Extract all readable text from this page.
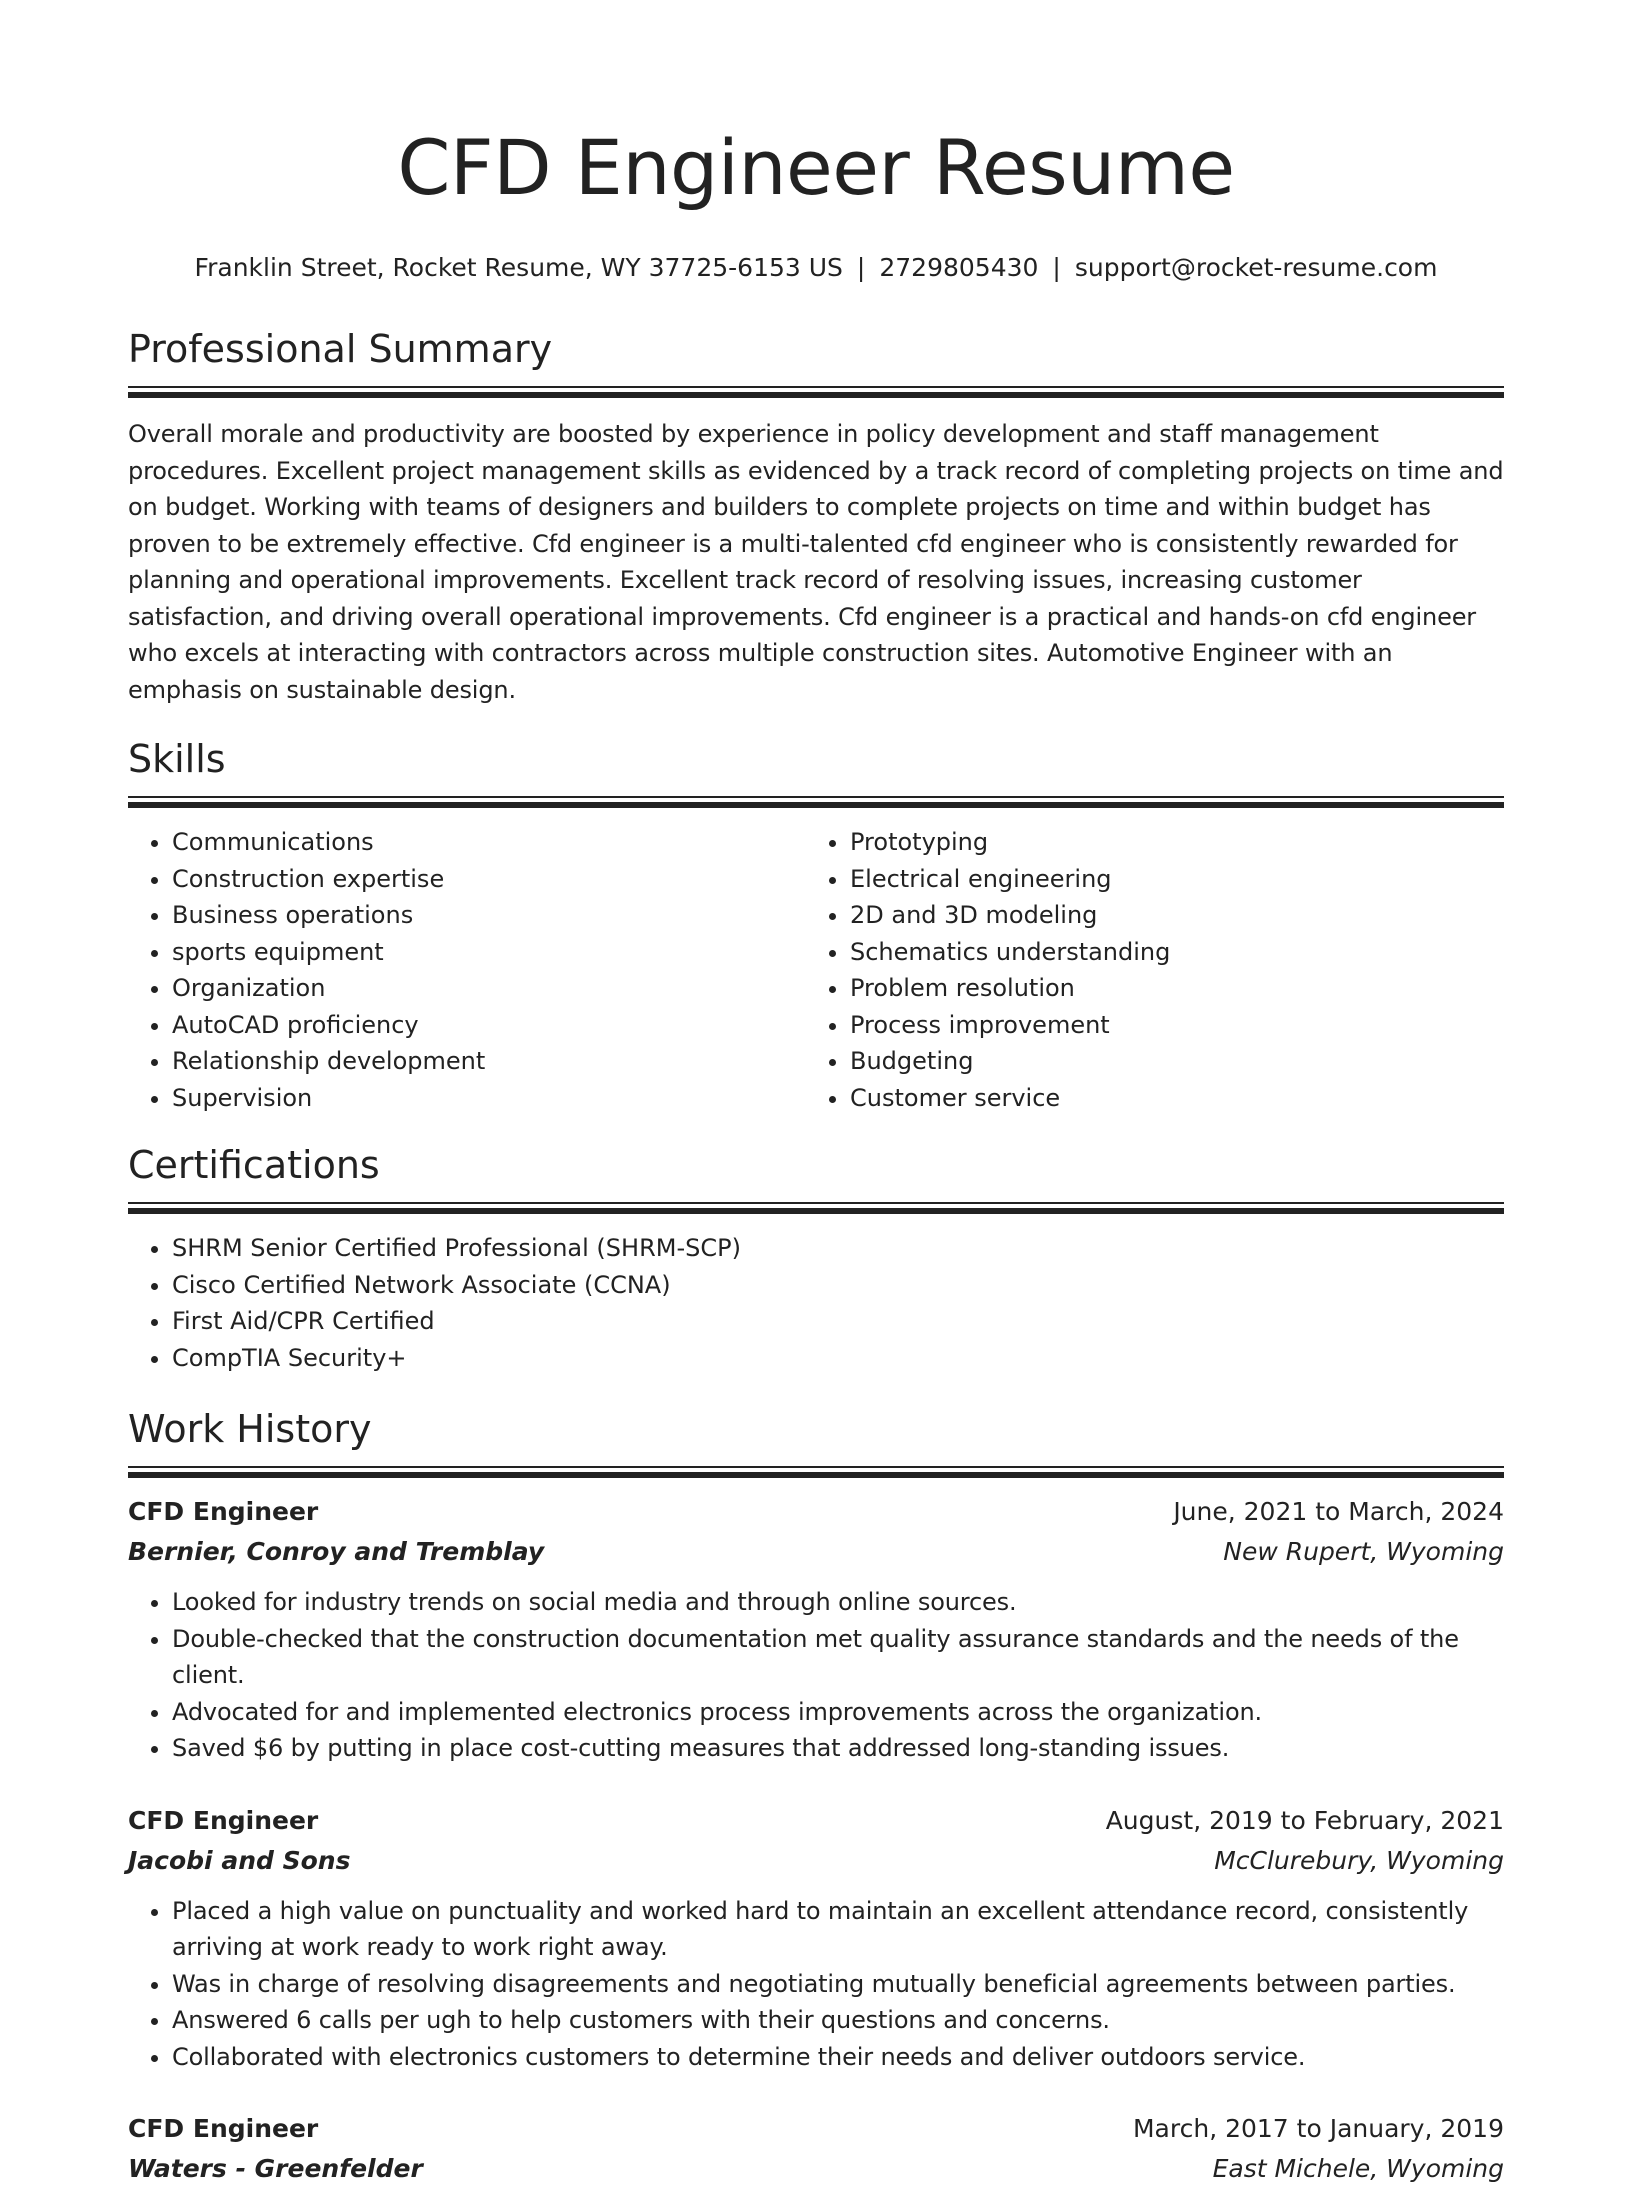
CFD Engineer Resume
Franklin Street, Rocket Resume, WY 37725-6153 US | 2729805430 | support@rocket-resume.com
Professional Summary

Overall morale and productivity are boosted by experience in policy development and staff management procedures. Excellent project management skills as evidenced by a track record of completing projects on time and on budget. Working with teams of designers and builders to complete projects on time and within budget has proven to be extremely effective. Cfd engineer is a multi-talented cfd engineer who is consistently rewarded for planning and operational improvements. Excellent track record of resolving issues, increasing customer satisfaction, and driving overall operational improvements. Cfd engineer is a practical and hands-on cfd engineer who excels at interacting with contractors across multiple construction sites. Automotive Engineer with an emphasis on sustainable design.

Skills
• Communications
• Construction expertise
• Business operations
• sports equipment
• Organization
• AutoCAD proficiency
• Relationship development
• Supervision
• Prototyping
• Electrical engineering
• 2D and 3D modeling
• Schematics understanding
• Problem resolution
• Process improvement
• Budgeting
• Customer service
Certifications
• SHRM Senior Certified Professional (SHRM-SCP)
• Cisco Certified Network Associate (CCNA)
• First Aid/CPR Certified
• CompTIA Security+
Work History
CFD Engineer	June, 2021 to March, 2024
Bernier, Conroy and Tremblay	New Rupert, Wyoming
• Looked for industry trends on social media and through online sources.
• Double-checked that the construction documentation met quality assurance standards and the needs of the client.
• Advocated for and implemented electronics process improvements across the organization.
• Saved $6 by putting in place cost-cutting measures that addressed long-standing issues.
CFD Engineer	August, 2019 to February, 2021
Jacobi and Sons	McClurebury, Wyoming
• Placed a high value on punctuality and worked hard to maintain an excellent attendance record, consistently arriving at work ready to work right away.
• Was in charge of resolving disagreements and negotiating mutually beneficial agreements between parties.
• Answered 6 calls per ugh to help customers with their questions and concerns.
• Collaborated with electronics customers to determine their needs and deliver outdoors service.
CFD Engineer	March, 2017 to January, 2019
Waters - Greenfelder	East Michele, Wyoming
